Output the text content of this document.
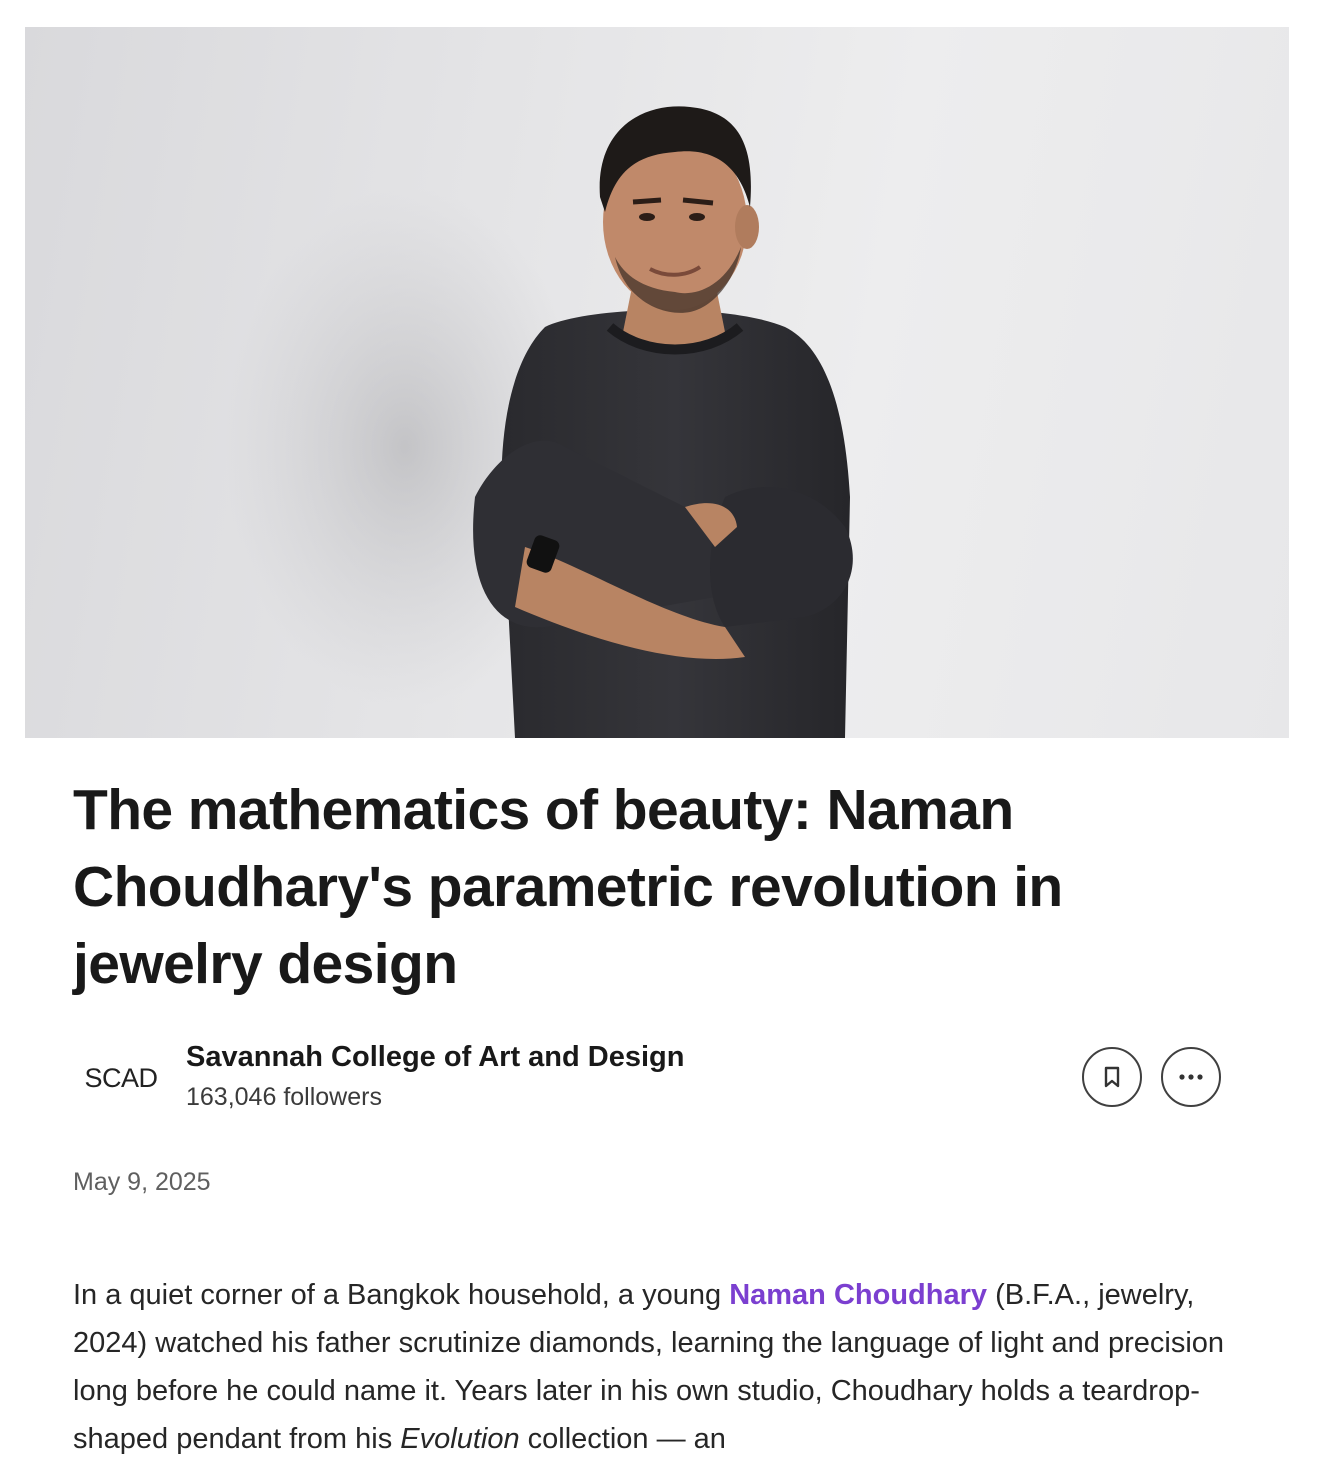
The mathematics of beauty: Naman Choudhary's parametric revolution in jewelry design
SCAD
Savannah College of Art and Design
163,046 followers
May 9, 2025

In a quiet corner of a Bangkok household, a young Naman Choudhary (B.F.A., jewelry, 2024) watched his father scrutinize diamonds, learning the language of light and precision long before he could name it. Years later in his own studio, Choudhary holds a teardrop-shaped pendant from his Evolution collection — an
